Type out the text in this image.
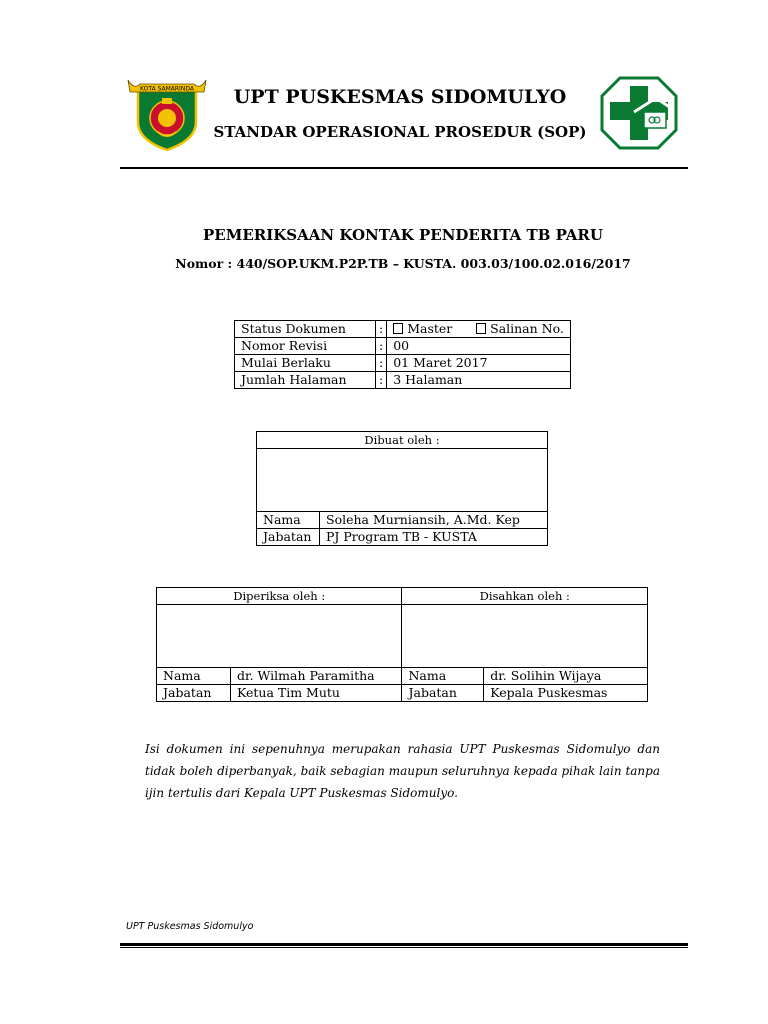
KOTA SAMARINDA	UPT PUSKESMAS SIDOMULYO
STANDAR OPERASIONAL PROSEDUR (SOP)
PEMERIKSAAN KONTAK PENDERITA TB PARU
Nomor : 440/SOP.UKM.P2P.TB – KUSTA. 003.03/100.02.016/2017
Status Dokumen	:	Master Salinan No.
Nomor Revisi	:	00
Mulai Berlaku	:	01 Maret 2017
Jumlah Halaman	:	3 Halaman
Dibuat oleh :	

Nama	Soleha Murniansih, A.Md. Kep
Jabatan	PJ Program TB - KUSTA
Diperiksa oleh :		Disahkan oleh :	

Nama	dr. Wilmah Paramitha	Nama	dr. Solihin Wijaya
Jabatan	Ketua Tim Mutu	Jabatan	Kepala Puskesmas
Isi dokumen ini sepenuhnya merupakan rahasia UPT Puskesmas Sidomulyo dan tidak boleh diperbanyak, baik sebagian maupun seluruhnya kepada pihak lain tanpa ijin tertulis dari Kepala UPT Puskesmas Sidomulyo.
UPT Puskesmas Sidomulyo
